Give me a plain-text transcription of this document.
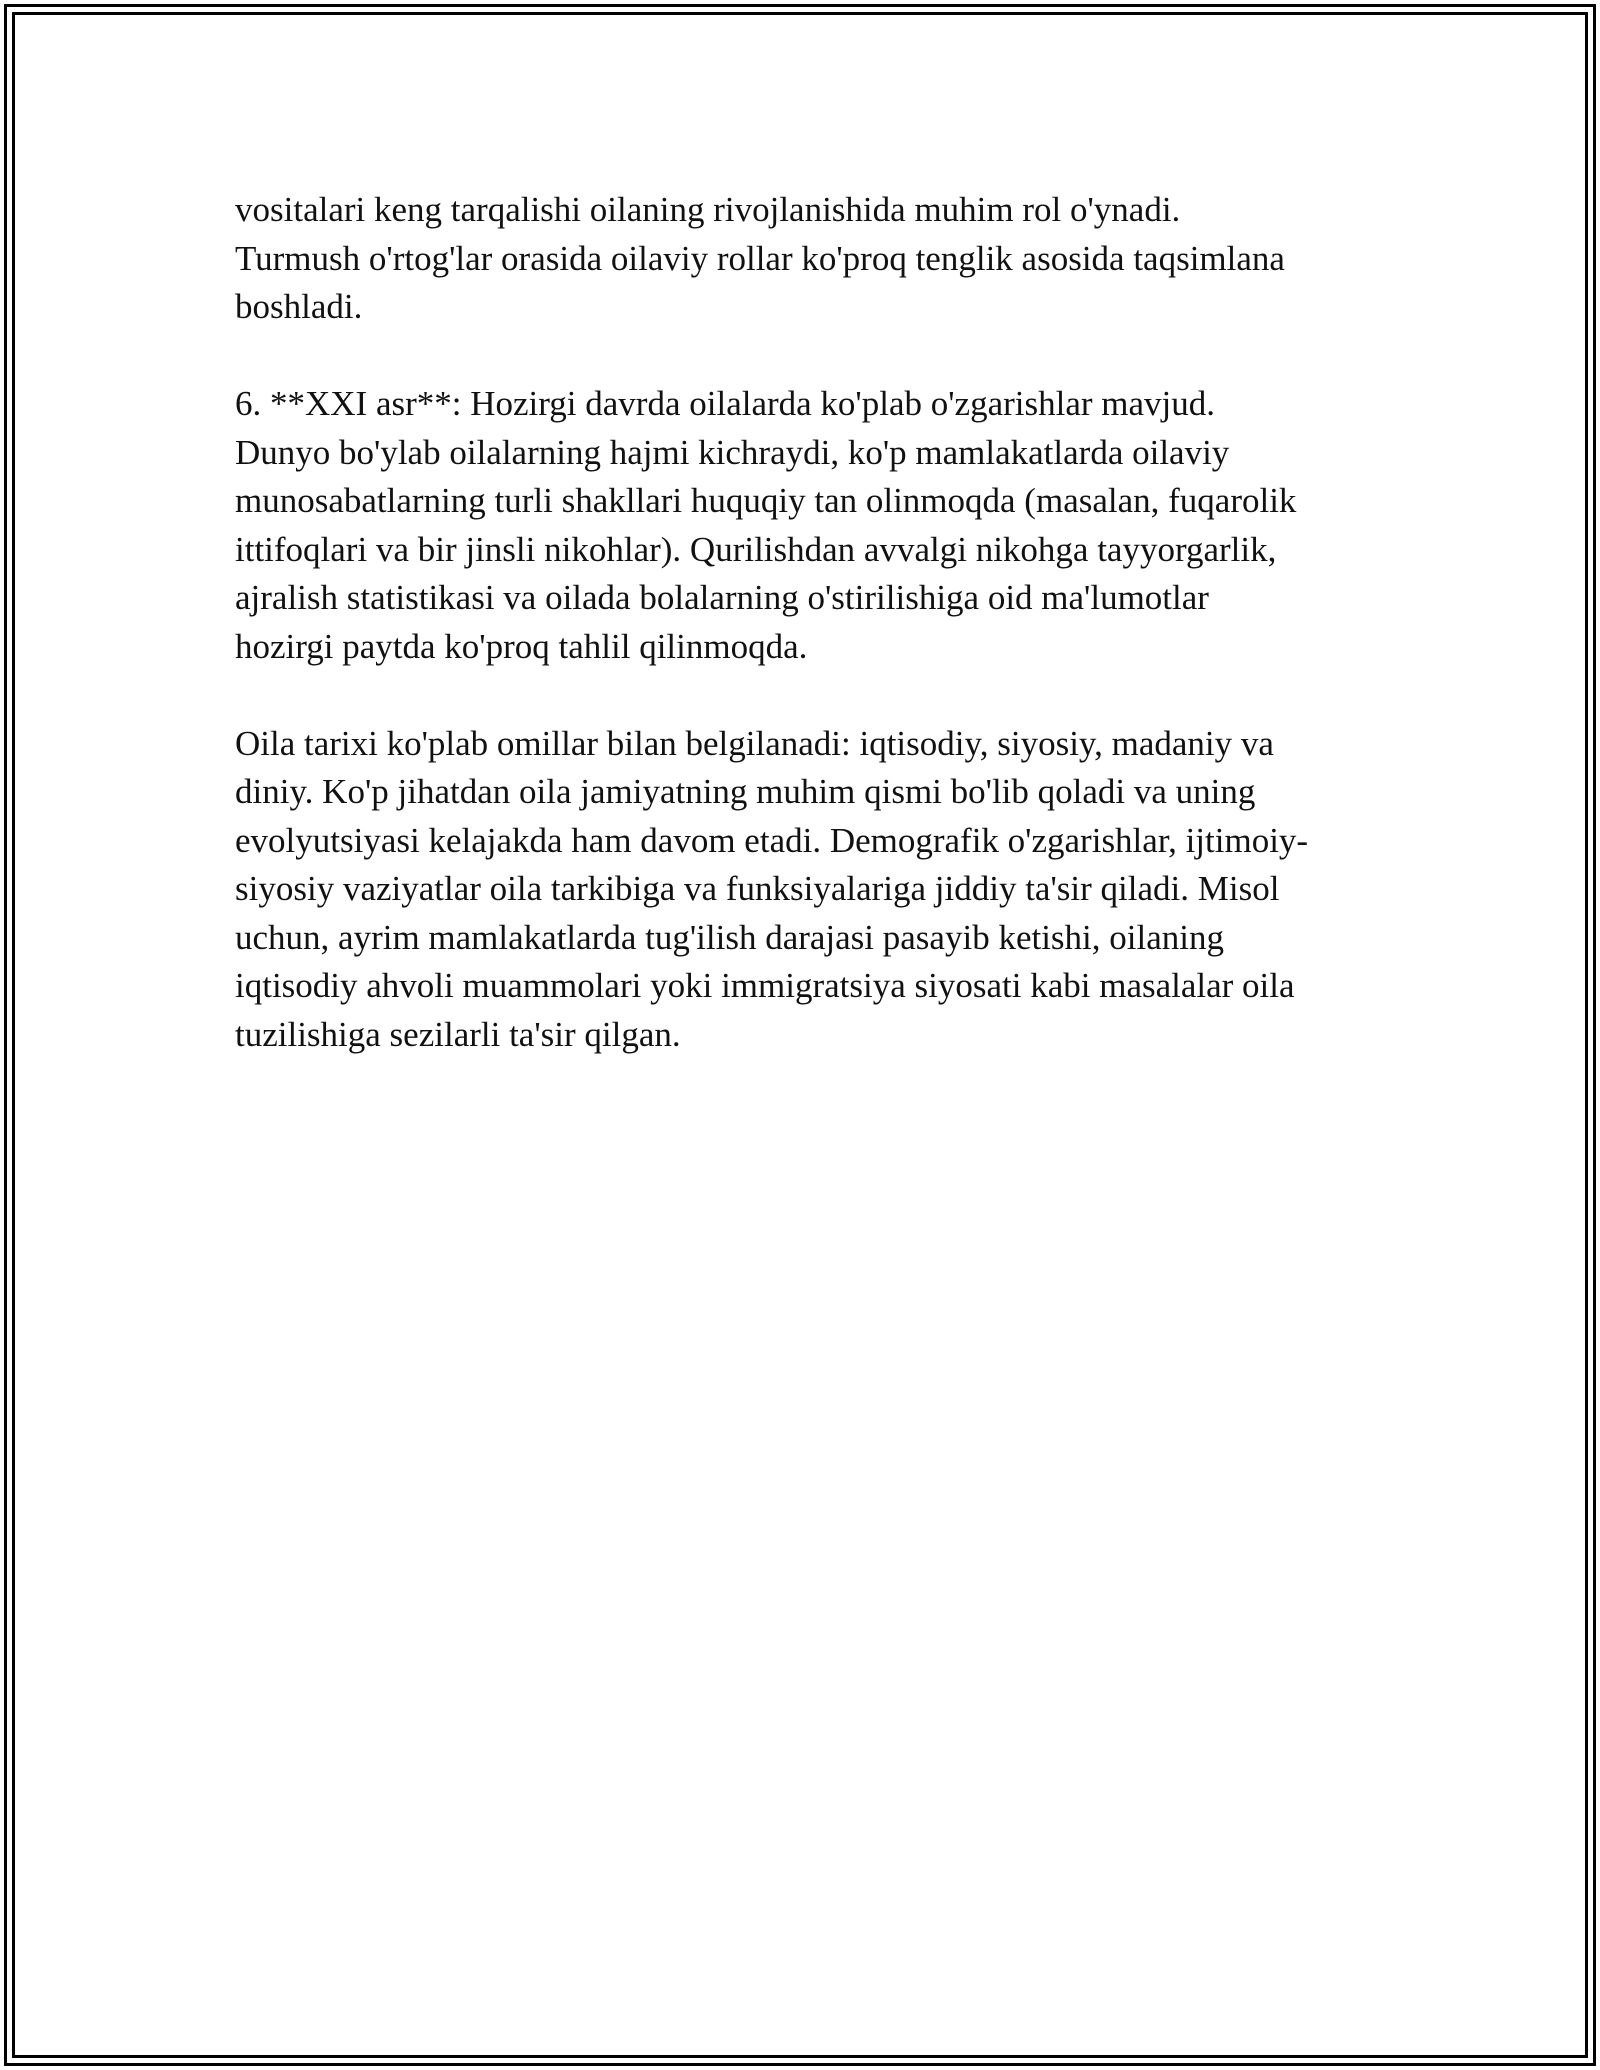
vositalari keng tarqalishi oilaning rivojlanishida muhim rol o'ynadi.
Turmush o'rtog'lar orasida oilaviy rollar ko'proq tenglik asosida taqsimlana
boshladi.

6. **XXI asr**: Hozirgi davrda oilalarda ko'plab o'zgarishlar mavjud.
Dunyo bo'ylab oilalarning hajmi kichraydi, ko'p mamlakatlarda oilaviy
munosabatlarning turli shakllari huquqiy tan olinmoqda (masalan, fuqarolik
ittifoqlari va bir jinsli nikohlar). Qurilishdan avvalgi nikohga tayyorgarlik,
ajralish statistikasi va oilada bolalarning o'stirilishiga oid ma'lumotlar
hozirgi paytda ko'proq tahlil qilinmoqda.

Oila tarixi ko'plab omillar bilan belgilanadi: iqtisodiy, siyosiy, madaniy va
diniy. Ko'p jihatdan oila jamiyatning muhim qismi bo'lib qoladi va uning
evolyutsiyasi kelajakda ham davom etadi. Demografik o'zgarishlar, ijtimoiy-
siyosiy vaziyatlar oila tarkibiga va funksiyalariga jiddiy ta'sir qiladi. Misol
uchun, ayrim mamlakatlarda tug'ilish darajasi pasayib ketishi, oilaning
iqtisodiy ahvoli muammolari yoki immigratsiya siyosati kabi masalalar oila
tuzilishiga sezilarli ta'sir qilgan.
